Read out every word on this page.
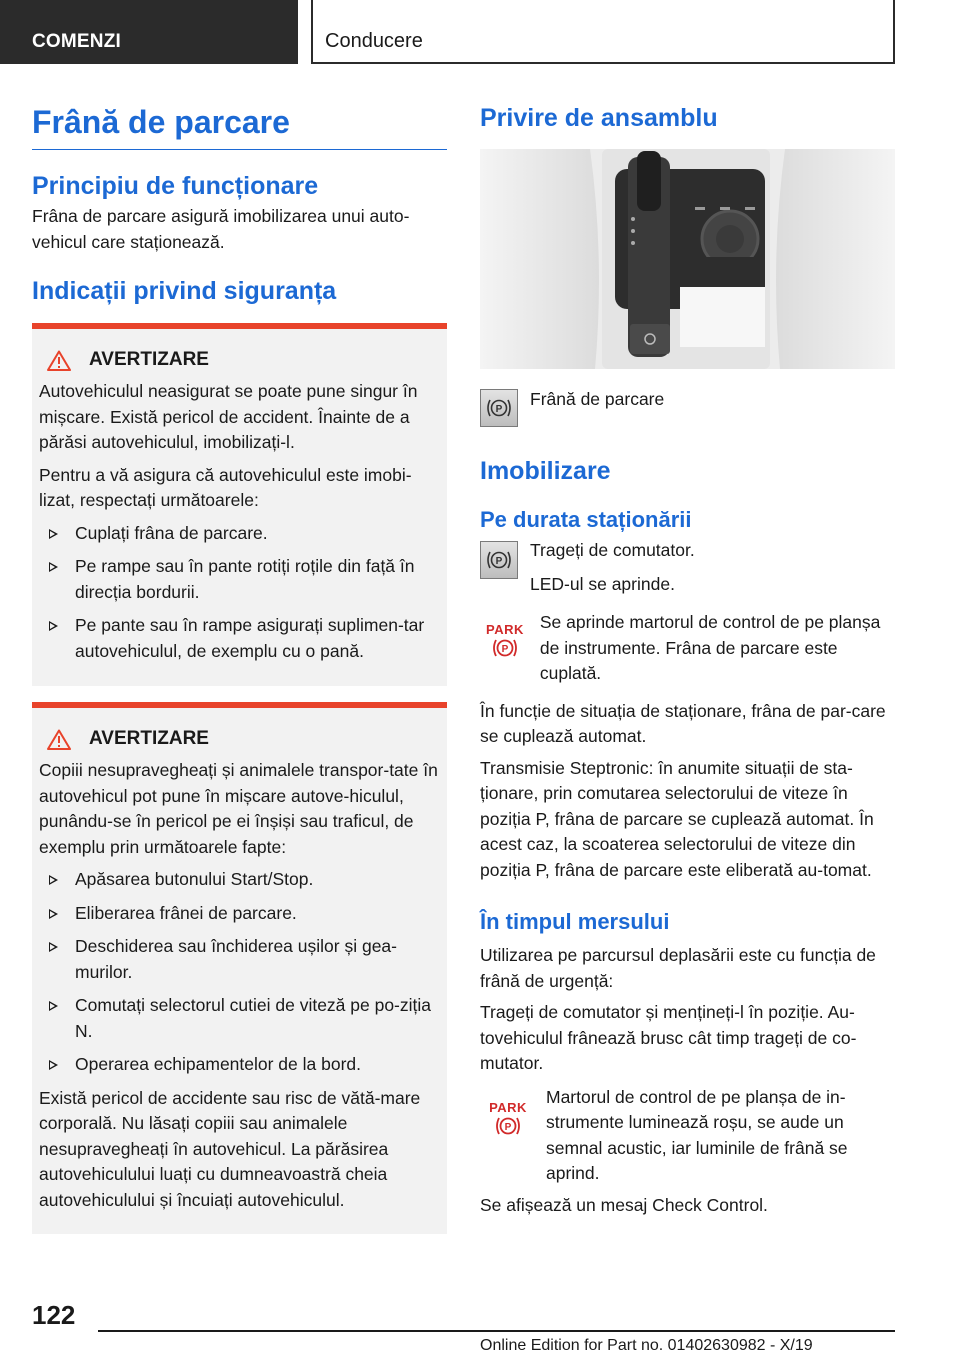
COMENZI	Conducere
Frână de parcare
Principiu de funcționare

Frâna de parcare asigură imobilizarea unui auto-vehicul care staționează.

Indicații privind siguranța
AVERTIZARE

Autovehiculul neasigurat se poate pune singur în mișcare. Există pericol de accident. Înainte de a părăsi autovehiculul, imobilizați-l.

Pentru a vă asigura că autovehiculul este imobi-lizat, respectați următoarele:

Cuplați frâna de parcare.
Pe rampe sau în pante rotiți roțile din față în direcția bordurii.
Pe pante sau în rampe asigurați suplimen-tar autovehiculul, de exemplu cu o pană.
AVERTIZARE

Copiii nesupravegheați și animalele transpor-tate în autovehicul pot pune în mișcare autove-hiculul, punându-se în pericol pe ei înșiși sau traficul, de exemplu prin următoarele fapte:

Apăsarea butonului Start/Stop.
Eliberarea frânei de parcare.
Deschiderea sau închiderea ușilor și gea-murilor.
Comutați selectorul cutiei de viteză pe po-ziția N.
Operarea echipamentelor de la bord.

Există pericol de accidente sau risc de vătă-mare corporală. Nu lăsați copiii sau animalele nesupravegheați în autovehicul. La părăsirea autovehiculului luați cu dumneavoastră cheia autovehiculului și încuiați autovehiculul.

Privire de ansamblu
P

Frână de parcare

Imobilizare
Pe durata staționării
P

Trageți de comutator.

LED-ul se aprinde.

PARK
P

Se aprinde martorul de control de pe planșa de instrumente. Frâna de parcare este cuplată.

În funcție de situația de staționare, frâna de par-care se cuplează automat.

Transmisie Steptronic: în anumite situații de sta-ționare, prin comutarea selectorului de viteze în poziția P, frâna de parcare se cuplează automat. În acest caz, la scoaterea selectorului de viteze din poziția P, frâna de parcare este eliberată au-tomat.

În timpul mersului

Utilizarea pe parcursul deplasării este cu funcția de frână de urgență:

Trageți de comutator și mențineți-l în poziție. Au-tovehiculul frânează brusc cât timp trageți de co-mutator.

PARK
P

Martorul de control de pe planșa de in-strumente luminează roșu, se aude un semnal acustic, iar luminile de frână se aprind.

Se afișează un mesaj Check Control.

122
Online Edition for Part no. 01402630982 - X/19
